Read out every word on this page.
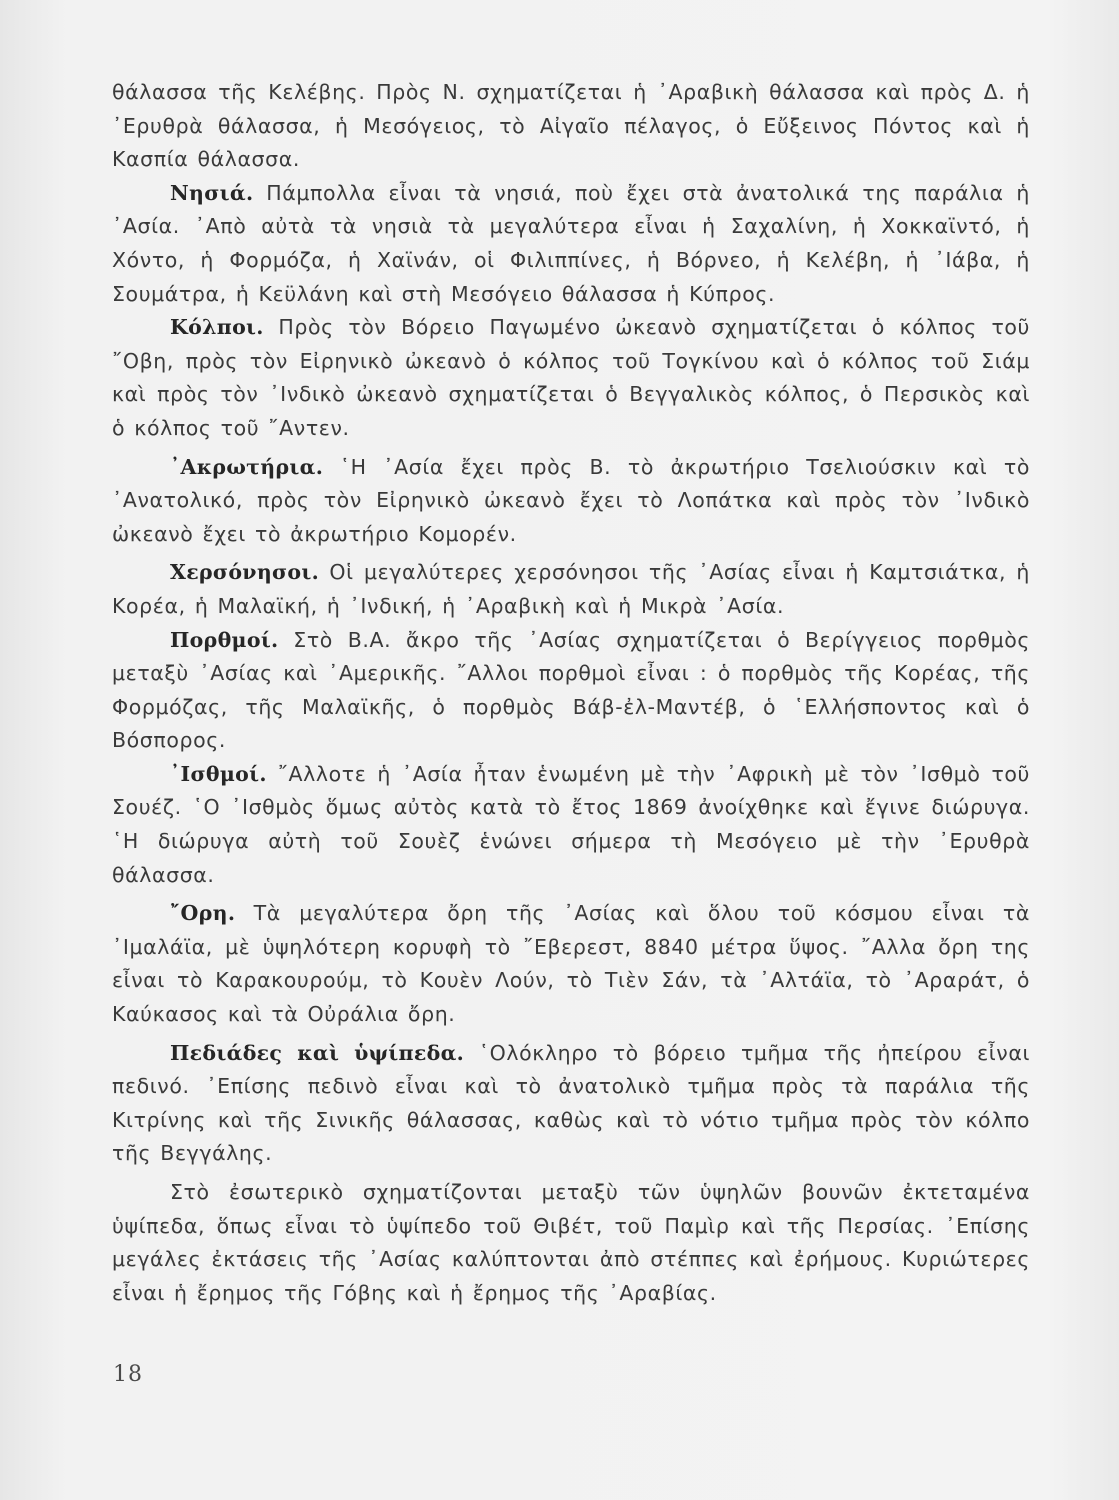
θάλασσα τῆς Κελέβης. Πρὸς Ν. σχηματίζεται ἡ ᾿Αραβικὴ θάλασσα καὶ πρὸς Δ. ἡ ᾿Ερυθρὰ θάλασσα, ἡ Μεσόγειος, τὸ Αἰγαῖο πέλαγος, ὁ Εὔξεινος Πόντος καὶ ἡ Κασπία θάλασσα.

Νησιά. Πάμπολλα εἶναι τὰ νησιά, ποὺ ἔχει στὰ ἀνατολικά της παράλια ἡ ᾿Ασία. ᾿Απὸ αὐτὰ τὰ νησιὰ τὰ μεγαλύτερα εἶναι ἡ Σαχαλίνη, ἡ Χοκκαϊντό, ἡ Χόντο, ἡ Φορμόζα, ἡ Χαϊνάν, οἱ Φιλιππίνες, ἡ Βόρνεο, ἡ Κελέβη, ἡ ᾿Ιάβα, ἡ Σουμάτρα, ἡ Κεϋλάνη καὶ στὴ Μεσόγειο θάλασσα ἡ Κύπρος.

Κόλποι. Πρὸς τὸν Βόρειο Παγωμένο ὠκεανὸ σχηματίζεται ὁ κόλπος τοῦ ῎Οβη, πρὸς τὸν Εἰρηνικὸ ὠκεανὸ ὁ κόλπος τοῦ Τογκίνου καὶ ὁ κόλπος τοῦ Σιάμ καὶ πρὸς τὸν ᾿Ινδικὸ ὠκεανὸ σχηματίζεται ὁ Βεγγαλικὸς κόλπος, ὁ Περσικὸς καὶ ὁ κόλπος τοῦ ῎Αντεν.

᾿Ακρωτήρια. ῾Η ᾿Ασία ἔχει πρὸς Β. τὸ ἀκρωτήριο Τσελιούσκιν καὶ τὸ ᾿Ανατολικό, πρὸς τὸν Εἰρηνικὸ ὠκεανὸ ἔχει τὸ Λοπάτκα καὶ πρὸς τὸν ᾿Ινδικὸ ὠκεανὸ ἔχει τὸ ἀκρωτήριο Κομορέν.

Χερσόνησοι. Οἱ μεγαλύτερες χερσόνησοι τῆς ᾿Ασίας εἶναι ἡ Καμτσιάτκα, ἡ Κορέα, ἡ Μαλαϊκή, ἡ ᾿Ινδική, ἡ ᾿Αραβικὴ καὶ ἡ Μικρὰ ᾿Ασία.

Πορθμοί. Στὸ Β.Α. ἄκρο τῆς ᾿Ασίας σχηματίζεται ὁ Βερίγγειος πορθμὸς μεταξὺ ᾿Ασίας καὶ ᾿Αμερικῆς. ῎Αλλοι πορθμοὶ εἶναι : ὁ πορθμὸς τῆς Κορέας, τῆς Φορμόζας, τῆς Μαλαϊκῆς, ὁ πορθμὸς Βάβ-ἐλ-Μαντέβ, ὁ ῾Ελλήσποντος καὶ ὁ Βόσπορος.

᾿Ισθμοί. ῎Αλλοτε ἡ ᾿Ασία ἦταν ἑνωμένη μὲ τὴν ᾿Αφρικὴ μὲ τὸν ᾿Ισθμὸ τοῦ Σουέζ. ῾Ο ᾿Ισθμὸς ὅμως αὐτὸς κατὰ τὸ ἔτος 1869 ἀνοίχθηκε καὶ ἔγινε διώρυγα. ῾Η διώρυγα αὐτὴ τοῦ Σουὲζ ἑνώνει σήμερα τὴ Μεσόγειο μὲ τὴν ᾿Ερυθρὰ θάλασσα.

῎Ορη. Τὰ μεγαλύτερα ὄρη τῆς ᾿Ασίας καὶ ὅλου τοῦ κόσμου εἶναι τὰ ᾿Ιμαλάϊα, μὲ ὑψηλότερη κορυφὴ τὸ ῎Εβερεστ, 8840 μέτρα ὕψος. ῎Αλλα ὄρη της εἶναι τὸ Καρακουρούμ, τὸ Κουὲν Λούν, τὸ Τιὲν Σάν, τὰ ᾿Αλτάϊα, τὸ ᾿Αραράτ, ὁ Καύκασος καὶ τὰ Οὐράλια ὄρη.

Πεδιάδες καὶ ὑψίπεδα. ῾Ολόκληρο τὸ βόρειο τμῆμα τῆς ἠπείρου εἶναι πεδινό. ᾿Επίσης πεδινὸ εἶναι καὶ τὸ ἀνατολικὸ τμῆμα πρὸς τὰ παράλια τῆς Κιτρίνης καὶ τῆς Σινικῆς θάλασσας, καθὼς καὶ τὸ νότιο τμῆμα πρὸς τὸν κόλπο τῆς Βεγγάλης.

Στὸ ἐσωτερικὸ σχηματίζονται μεταξὺ τῶν ὑψηλῶν βουνῶν ἐκτεταμένα ὑψίπεδα, ὅπως εἶναι τὸ ὑψίπεδο τοῦ Θιβέτ, τοῦ Παμὶρ καὶ τῆς Περσίας. ᾿Επίσης μεγάλες ἐκτάσεις τῆς ᾿Ασίας καλύπτονται ἀπὸ στέππες καὶ ἐρήμους. Κυριώτερες εἶναι ἡ ἔρημος τῆς Γόβης καὶ ἡ ἔρημος τῆς ᾿Αραβίας.

18
